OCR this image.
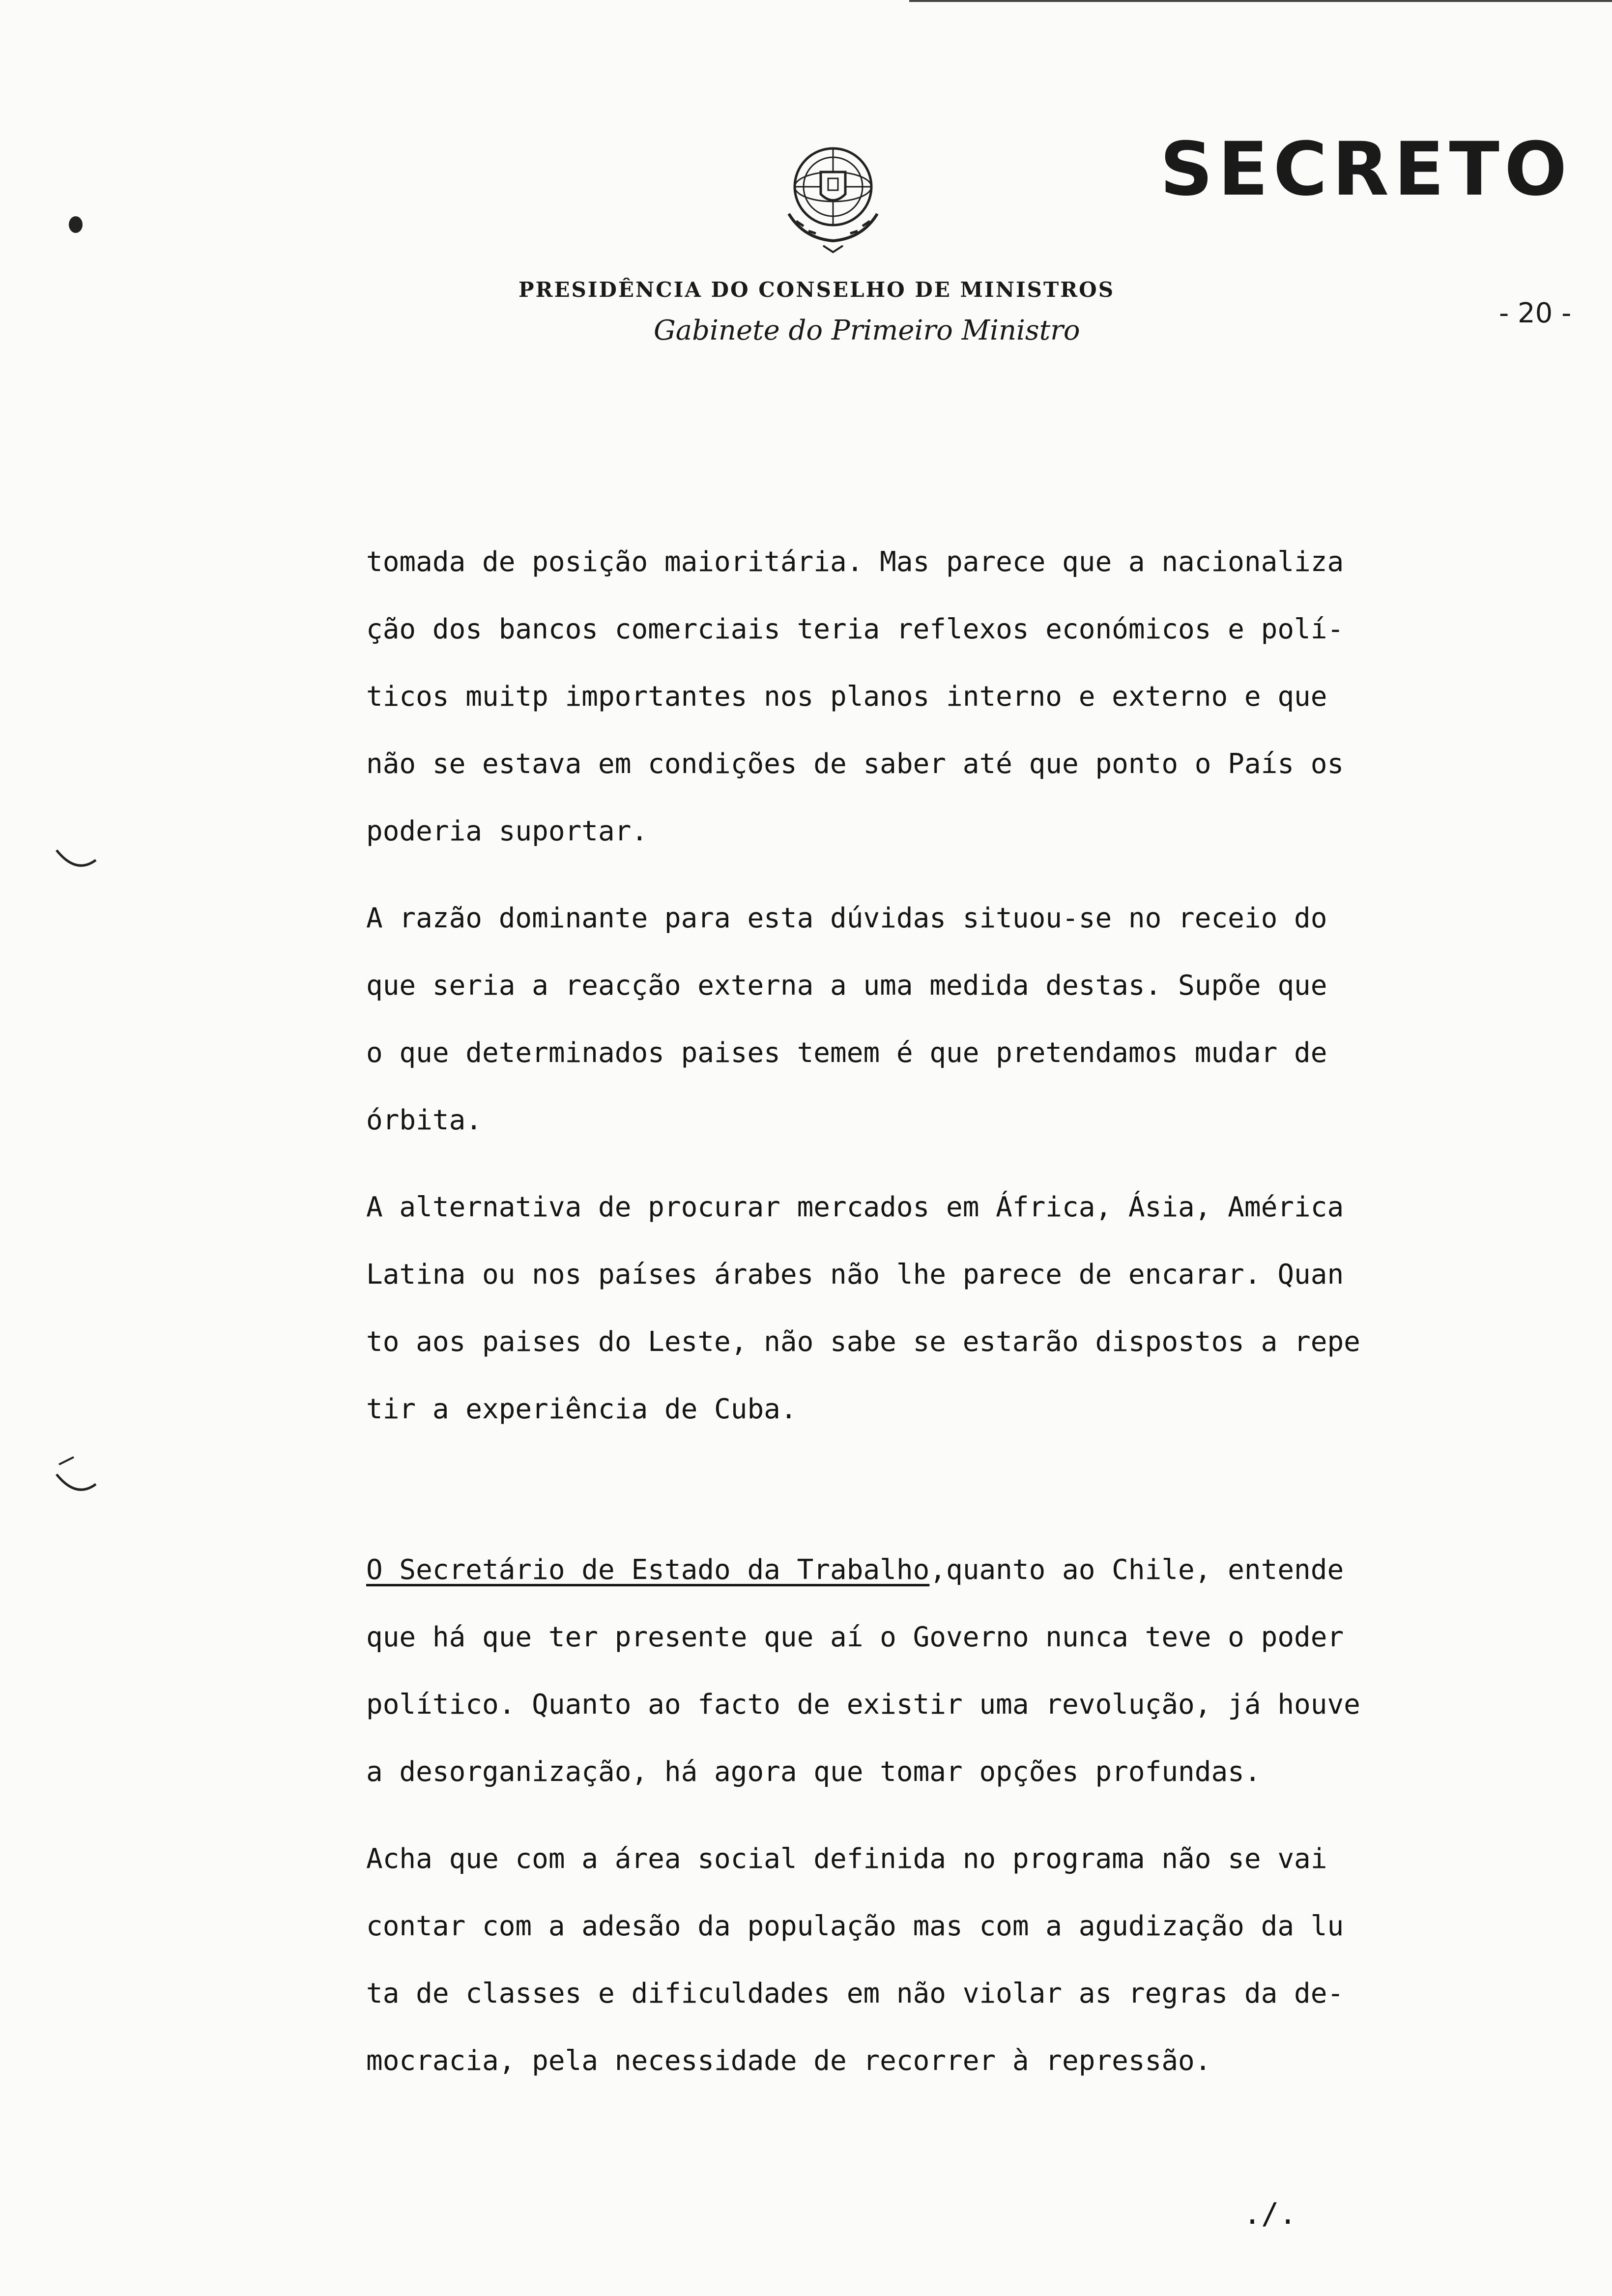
SECRETO
- 20 -
PRESIDÊNCIA DO CONSELHO DE MINISTROS
Gabinete do Primeiro Ministro

tomada de posição maioritária. Mas parece que a nacionaliza
ção dos bancos comerciais teria reflexos económicos e polí-
ticos muitp importantes nos planos interno e externo e que
não se estava em condições de saber até que ponto o País os
poderia suportar.

A razão dominante para esta dúvidas situou-se no receio do
que seria a reacção externa a uma medida destas. Supõe que
o que determinados paises temem é que pretendamos mudar de
órbita.

A alternativa de procurar mercados em África, Ásia, América
Latina ou nos países árabes não lhe parece de encarar. Quan
to aos paises do Leste, não sabe se estarão dispostos a repe
tir a experiência de Cuba.

O Secretário de Estado da Trabalho,quanto ao Chile, entende
que há que ter presente que aí o Governo nunca teve o poder
político. Quanto ao facto de existir uma revolução, já houve
a desorganização, há agora que tomar opções profundas.

Acha que com a área social definida no programa não se vai
contar com a adesão da população mas com a agudização da lu
ta de classes e dificuldades em não violar as regras da de-
mocracia, pela necessidade de recorrer à repressão.

./.
